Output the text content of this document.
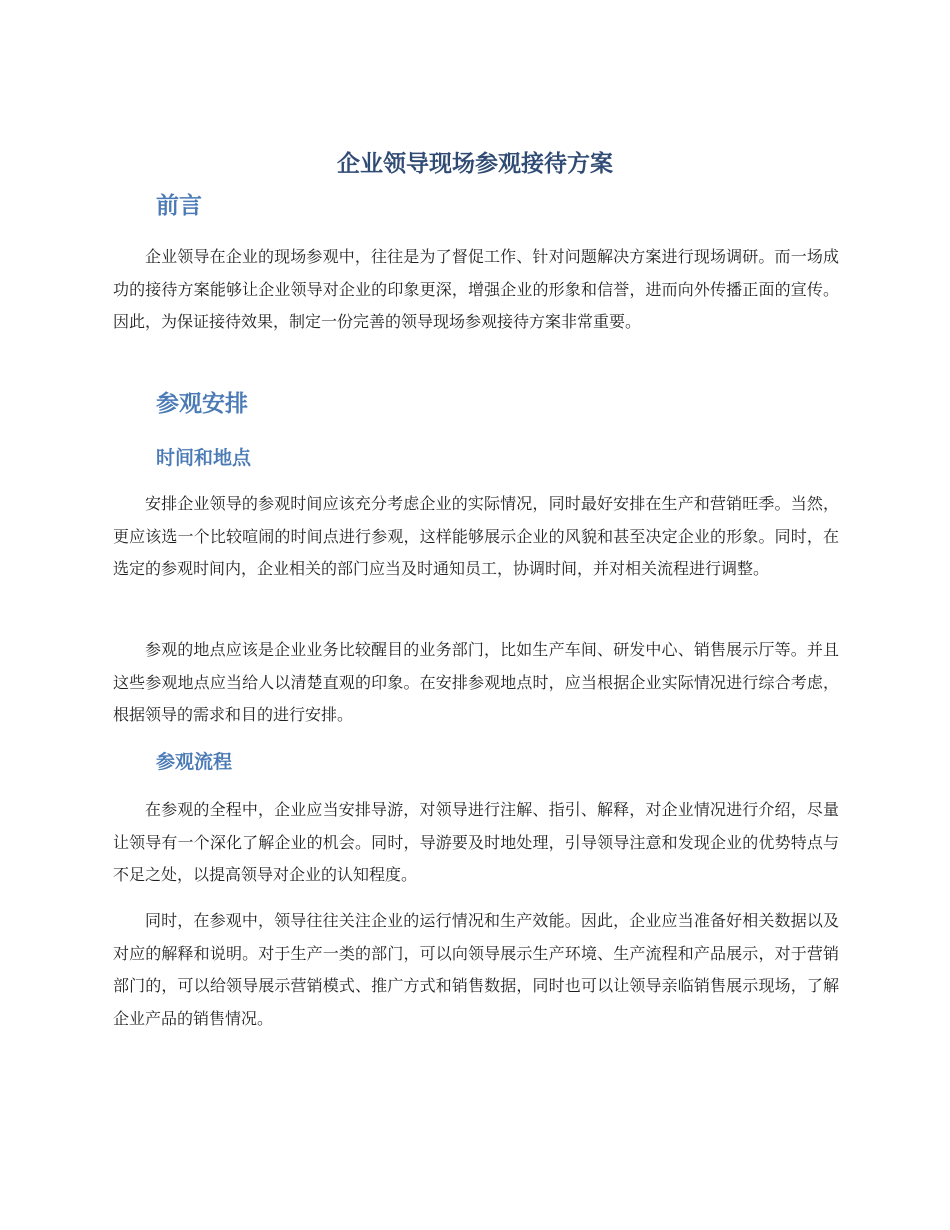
企业领导现场参观接待方案
前言

企业领导在企业的现场参观中，往往是为了督促工作、针对问题解决方案进行现场调研。而一场成功的接待方案能够让企业领导对企业的印象更深，增强企业的形象和信誉，进而向外传播正面的宣传。因此，为保证接待效果，制定一份完善的领导现场参观接待方案非常重要。

参观安排
时间和地点

安排企业领导的参观时间应该充分考虑企业的实际情况，同时最好安排在生产和营销旺季。当然，更应该选一个比较喧闹的时间点进行参观，这样能够展示企业的风貌和甚至决定企业的形象。同时，在选定的参观时间内，企业相关的部门应当及时通知员工，协调时间，并对相关流程进行调整。

参观的地点应该是企业业务比较醒目的业务部门，比如生产车间、研发中心、销售展示厅等。并且这些参观地点应当给人以清楚直观的印象。在安排参观地点时，应当根据企业实际情况进行综合考虑，根据领导的需求和目的进行安排。

参观流程

在参观的全程中，企业应当安排导游，对领导进行注解、指引、解释，对企业情况进行介绍，尽量让领导有一个深化了解企业的机会。同时，导游要及时地处理，引导领导注意和发现企业的优势特点与不足之处，以提高领导对企业的认知程度。

同时，在参观中，领导往往关注企业的运行情况和生产效能。因此，企业应当准备好相关数据以及对应的解释和说明。对于生产一类的部门，可以向领导展示生产环境、生产流程和产品展示，对于营销部门的，可以给领导展示营销模式、推广方式和销售数据，同时也可以让领导亲临销售展示现场，了解企业产品的销售情况。
